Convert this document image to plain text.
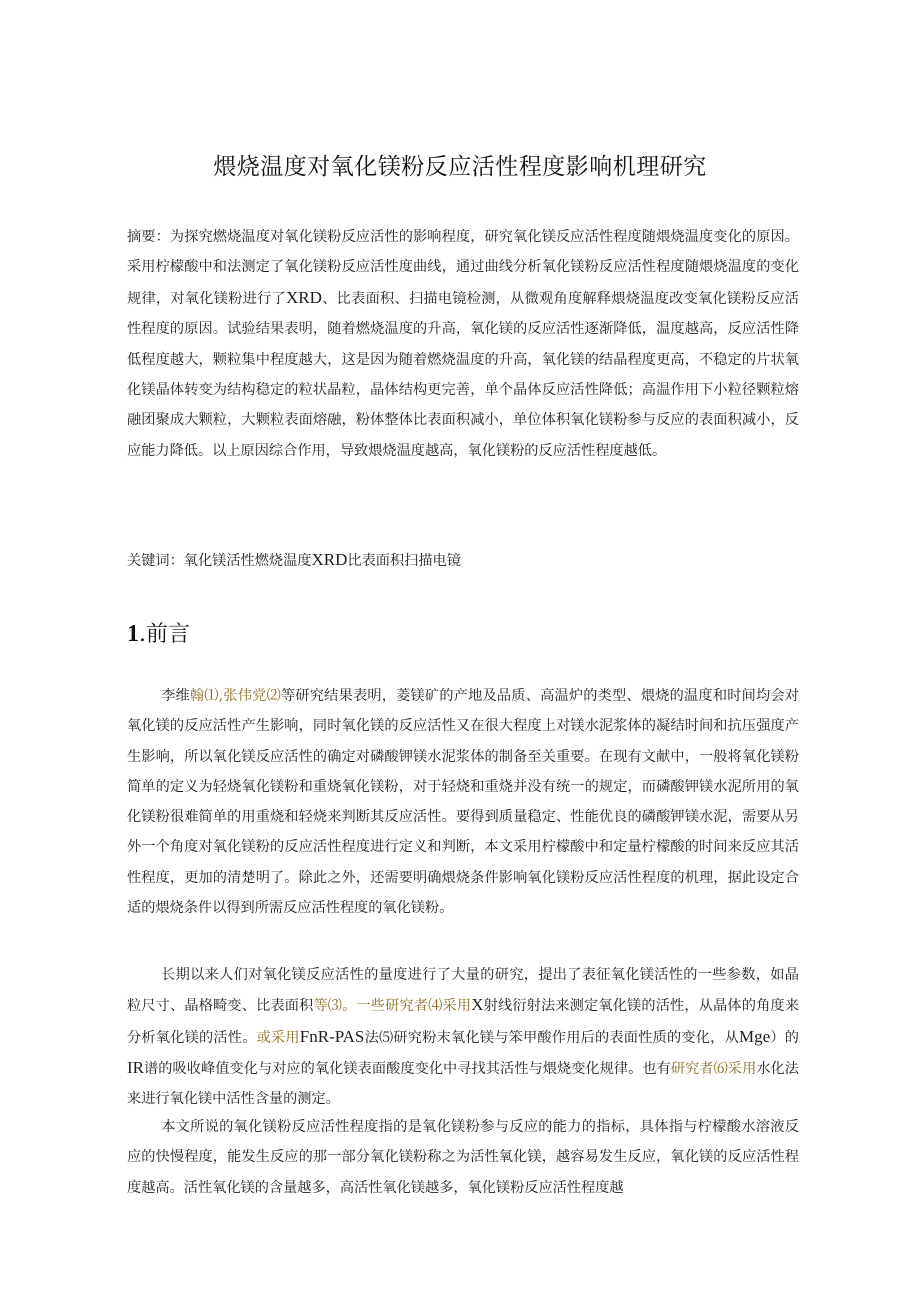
煨烧温度对氧化镁粉反应活性程度影响机理研究
摘要：为探究燃烧温度对氧化镁粉反应活性的影响程度，研究氧化镁反应活性程度随煨烧温度变化的原因。采用柠檬酸中和法测定了氧化镁粉反应活性度曲线，通过曲线分析氧化镁粉反应活性程度随煨烧温度的变化规律，对氧化镁粉进行了XRD、比表面积、扫描电镜检测，从微观角度解释煨烧温度改变氧化镁粉反应活性程度的原因。试验结果表明，随着燃烧温度的升高，氧化镁的反应活性逐渐降低，温度越高，反应活性降低程度越大，颗粒集中程度越大，这是因为随着燃烧温度的升高，氧化镁的结晶程度更高，不稳定的片状氧化镁晶体转变为结构稳定的粒状晶粒，晶体结构更完善，单个晶体反应活性降低；高温作用下小粒径颗粒熔融团聚成大颗粒，大颗粒表面熔融，粉体整体比表面积减小，单位体积氧化镁粉参与反应的表面积减小，反应能力降低。以上原因综合作用，导致煨烧温度越高，氧化镁粉的反应活性程度越低。
关键词：氧化镁活性燃烧温度XRD比表面积扫描电镜
1.前言
李维翰⑴,张伟党⑵等研究结果表明，菱镁矿的产地及品质、高温炉的类型、煨烧的温度和时间均会对氧化镁的反应活性产生影响，同时氧化镁的反应活性又在很大程度上对镁水泥浆体的凝结时间和抗压强度产生影响，所以氧化镁反应活性的确定对磷酸钾镁水泥浆体的制备至关重要。在现有文献中，一般将氧化镁粉简单的定义为轻烧氧化镁粉和重烧氧化镁粉，对于轻烧和重烧并没有统一的规定，而磷酸钾镁水泥所用的氧化镁粉很难简单的用重烧和轻烧来判断其反应活性。要得到质量稳定、性能优良的磷酸钾镁水泥，需要从另外一个角度对氧化镁粉的反应活性程度进行定义和判断，本文采用柠檬酸中和定量柠檬酸的时间来反应其活性程度，更加的清楚明了。除此之外，还需要明确煨烧条件影响氧化镁粉反应活性程度的机理，据此设定合适的煨烧条件以得到所需反应活性程度的氧化镁粉。
长期以来人们对氧化镁反应活性的量度进行了大量的研究，提出了表征氧化镁活性的一些参数，如晶粒尺寸、晶格畸变、比表面积等⑶。一些研究者⑷采用X射线衍射法来测定氧化镁的活性，从晶体的角度来分析氧化镁的活性。或采用FnR-PAS法⑸研究粉末氧化镁与笨甲酸作用后的表面性质的变化，从Mge）的IR谱的吸收峰值变化与对应的氧化镁表面酸度变化中寻找其活性与煨烧变化规律。也有研究者⑹采用水化法来进行氧化镁中活性含量的测定。
本文所说的氧化镁粉反应活性程度指的是氧化镁粉参与反应的能力的指标，具体指与柠檬酸水溶液反应的快慢程度，能发生反应的那一部分氧化镁粉称之为活性氧化镁，越容易发生反应，氧化镁的反应活性程度越高。活性氧化镁的含量越多，高活性氧化镁越多，氧化镁粉反应活性程度越
